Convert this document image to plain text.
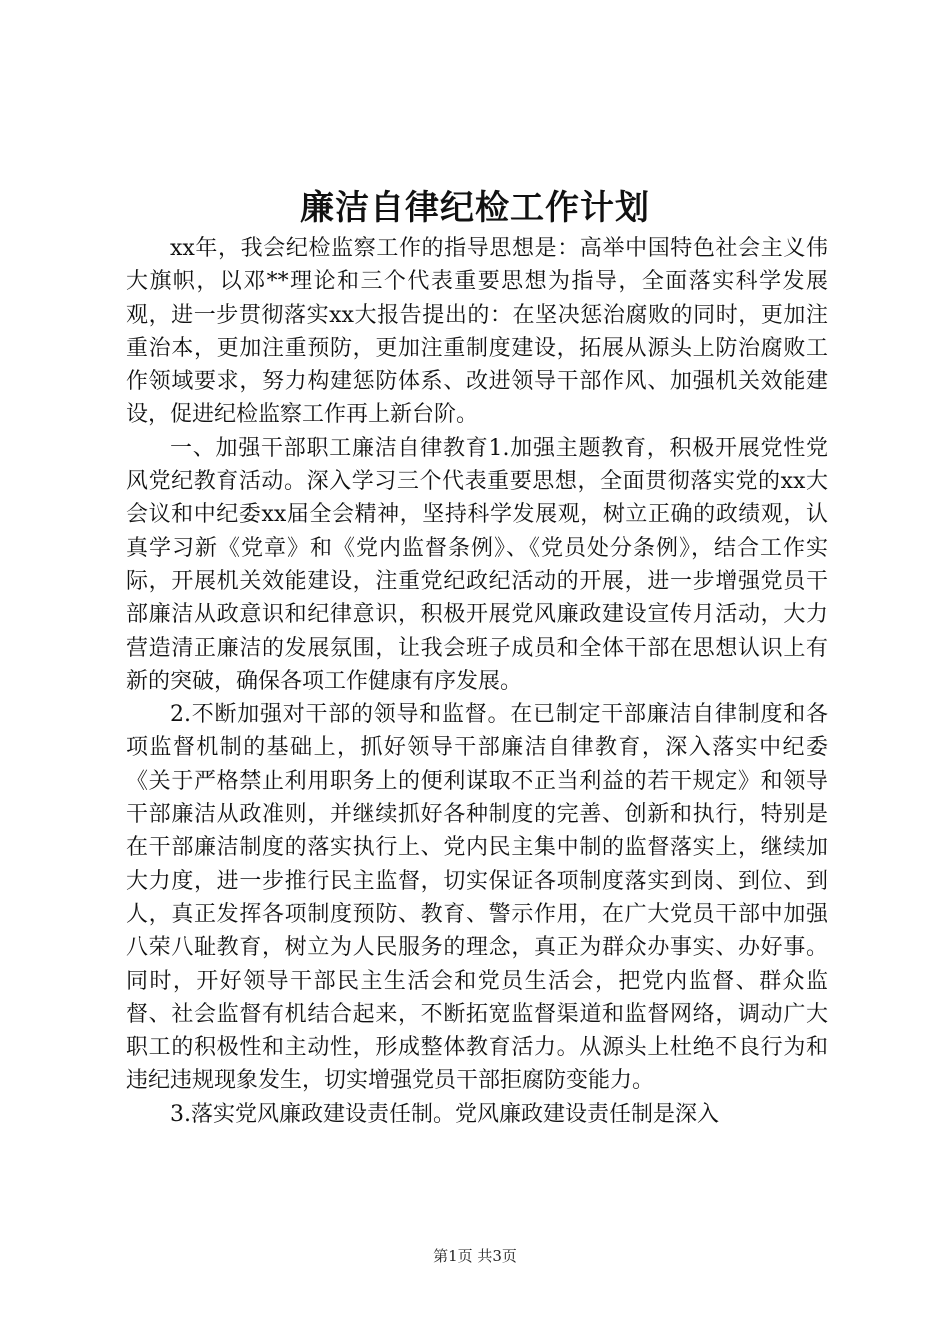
廉洁自律纪检工作计划

xx年，我会纪检监察工作的指导思想是：高举中国特色社会主义伟大旗帜，以邓**理论和三个代表重要思想为指导，全面落实科学发展观，进一步贯彻落实xx大报告提出的：在坚决惩治腐败的同时，更加注重治本，更加注重预防，更加注重制度建设，拓展从源头上防治腐败工作领域要求，努力构建惩防体系、改进领导干部作风、加强机关效能建设，促进纪检监察工作再上新台阶。

一、加强干部职工廉洁自律教育1.加强主题教育，积极开展党性党风党纪教育活动。深入学习三个代表重要思想，全面贯彻落实党的xx大会议和中纪委xx届全会精神，坚持科学发展观，树立正确的政绩观，认真学习新《党章》和《党内监督条例》、《党员处分条例》，结合工作实际，开展机关效能建设，注重党纪政纪活动的开展，进一步增强党员干部廉洁从政意识和纪律意识，积极开展党风廉政建设宣传月活动，大力营造清正廉洁的发展氛围，让我会班子成员和全体干部在思想认识上有新的突破，确保各项工作健康有序发展。

2.不断加强对干部的领导和监督。在已制定干部廉洁自律制度和各项监督机制的基础上，抓好领导干部廉洁自律教育，深入落实中纪委《关于严格禁止利用职务上的便利谋取不正当利益的若干规定》和领导干部廉洁从政准则，并继续抓好各种制度的完善、创新和执行，特别是在干部廉洁制度的落实执行上、党内民主集中制的监督落实上，继续加大力度，进一步推行民主监督，切实保证各项制度落实到岗、到位、到人，真正发挥各项制度预防、教育、警示作用，在广大党员干部中加强八荣八耻教育，树立为人民服务的理念，真正为群众办事实、办好事。同时，开好领导干部民主生活会和党员生活会，把党内监督、群众监督、社会监督有机结合起来，不断拓宽监督渠道和监督网络，调动广大职工的积极性和主动性，形成整体教育活力。从源头上杜绝不良行为和违纪违规现象发生，切实增强党员干部拒腐防变能力。

3.落实党风廉政建设责任制。党风廉政建设责任制是深入

第1页 共3页
